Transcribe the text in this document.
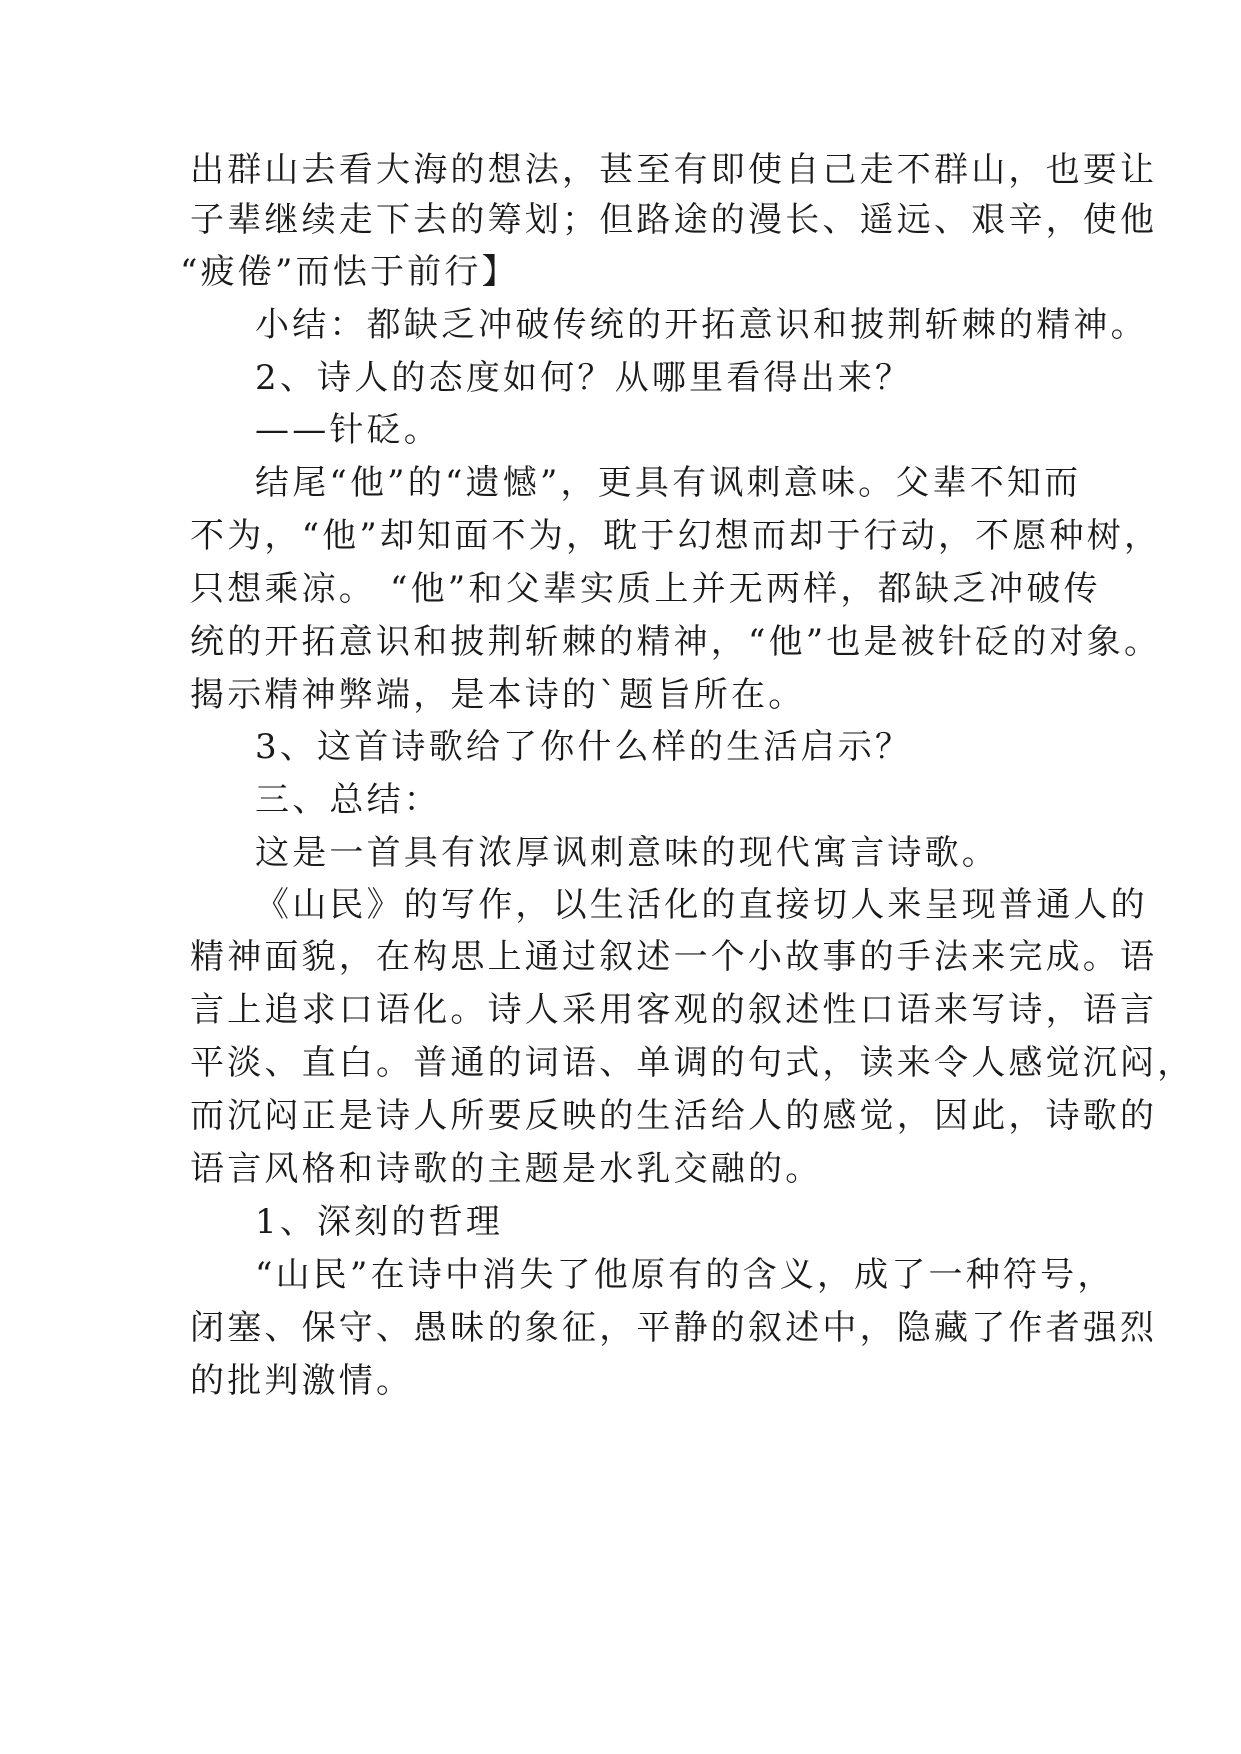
出群山去看大海的想法，甚至有即使自己走不群山，也要让
子辈继续走下去的筹划；但路途的漫长、遥远、艰辛，使他
“疲倦”而怯于前行】
小结：都缺乏冲破传统的开拓意识和披荆斩棘的精神。
2、诗人的态度如何？从哪里看得出来？
——针砭。
结尾“他”的“遗憾”，更具有讽刺意味。父辈不知而
不为，“他”却知面不为，耽于幻想而却于行动，不愿种树，
只想乘凉。 “他”和父辈实质上并无两样，都缺乏冲破传
统的开拓意识和披荆斩棘的精神，“他”也是被针砭的对象。
揭示精神弊端，是本诗的`题旨所在。
3、这首诗歌给了你什么样的生活启示？
三、总结：
这是一首具有浓厚讽刺意味的现代寓言诗歌。
《山民》的写作，以生活化的直接切人来呈现普通人的
精神面貌，在构思上通过叙述一个小故事的手法来完成。语
言上追求口语化。诗人采用客观的叙述性口语来写诗，语言
平淡、直白。普通的词语、单调的句式，读来令人感觉沉闷，
而沉闷正是诗人所要反映的生活给人的感觉，因此，诗歌的
语言风格和诗歌的主题是水乳交融的。
1、深刻的哲理
“山民”在诗中消失了他原有的含义，成了一种符号，
闭塞、保守、愚昧的象征，平静的叙述中，隐藏了作者强烈
的批判激情。
